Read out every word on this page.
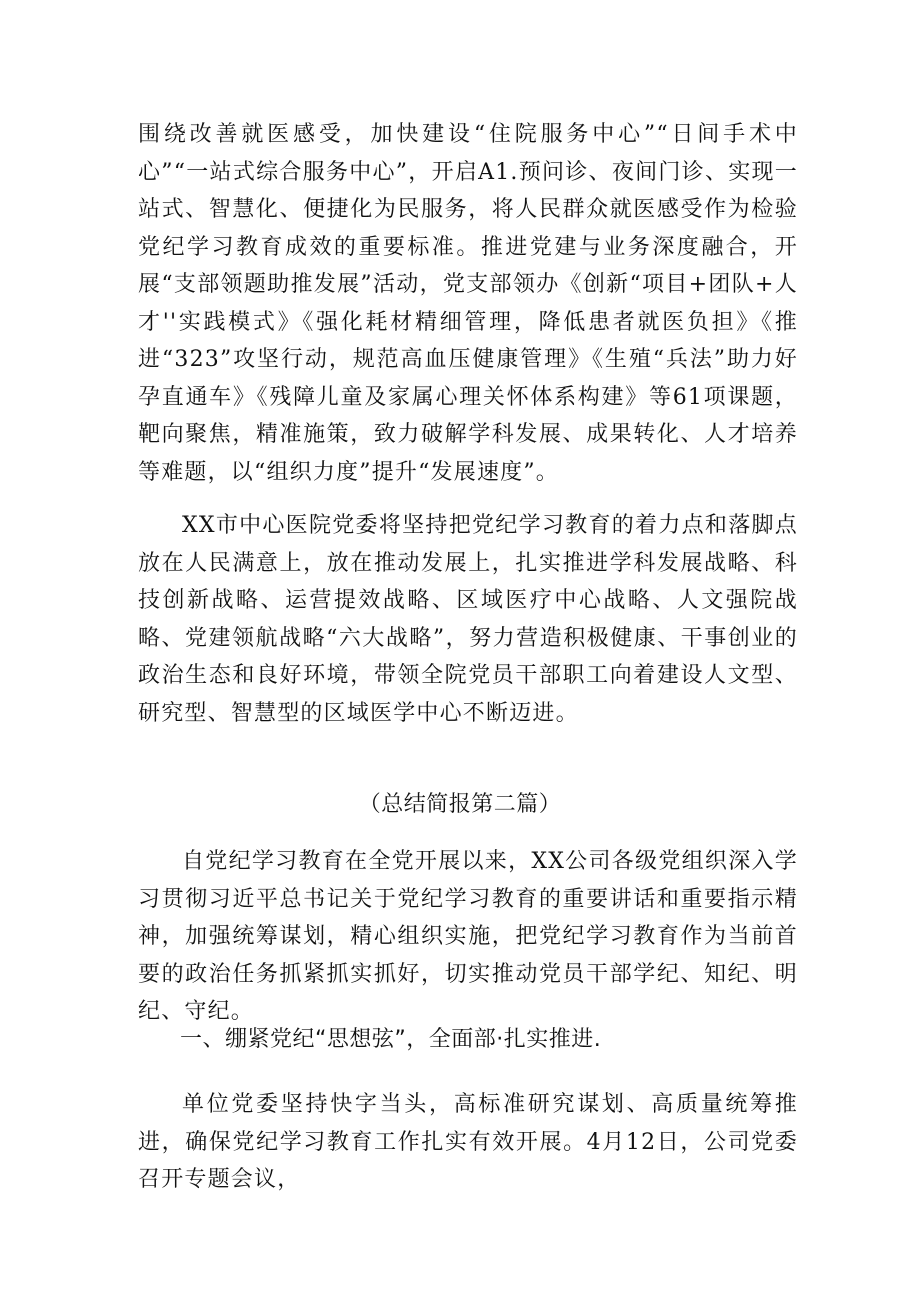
围绕改善就医感受，加快建设“住院服务中心”“日间手术中心”“一站式综合服务中心”，开启A1.预问诊、夜间门诊、实现一站式、智慧化、便捷化为民服务，将人民群众就医感受作为检验党纪学习教育成效的重要标准。推进党建与业务深度融合，开展“支部领题助推发展”活动，党支部领办《创新“项目+团队+人才''实践模式》《强化耗材精细管理，降低患者就医负担》《推进“323”攻坚行动，规范高血压健康管理》《生殖“兵法”助力好孕直通车》《残障儿童及家属心理关怀体系构建》等61项课题，靶向聚焦，精准施策，致力破解学科发展、成果转化、人才培养等难题，以“组织力度”提升“发展速度”。

XX市中心医院党委将坚持把党纪学习教育的着力点和落脚点放在人民满意上，放在推动发展上，扎实推进学科发展战略、科技创新战略、运营提效战略、区域医疗中心战略、人文强院战略、党建领航战略“六大战略”，努力营造积极健康、干事创业的政治生态和良好环境，带领全院党员干部职工向着建设人文型、研究型、智慧型的区域医学中心不断迈进。

（总结简报第二篇）

自党纪学习教育在全党开展以来，XX公司各级党组织深入学习贯彻习近平总书记关于党纪学习教育的重要讲话和重要指示精神，加强统筹谋划，精心组织实施，把党纪学习教育作为当前首要的政治任务抓紧抓实抓好，切实推动党员干部学纪、知纪、明纪、守纪。

一、绷紧党纪“思想弦”，全面部·扎实推进.

单位党委坚持快字当头，高标准研究谋划、高质量统筹推进，确保党纪学习教育工作扎实有效开展。4月12日，公司党委召开专题会议，
